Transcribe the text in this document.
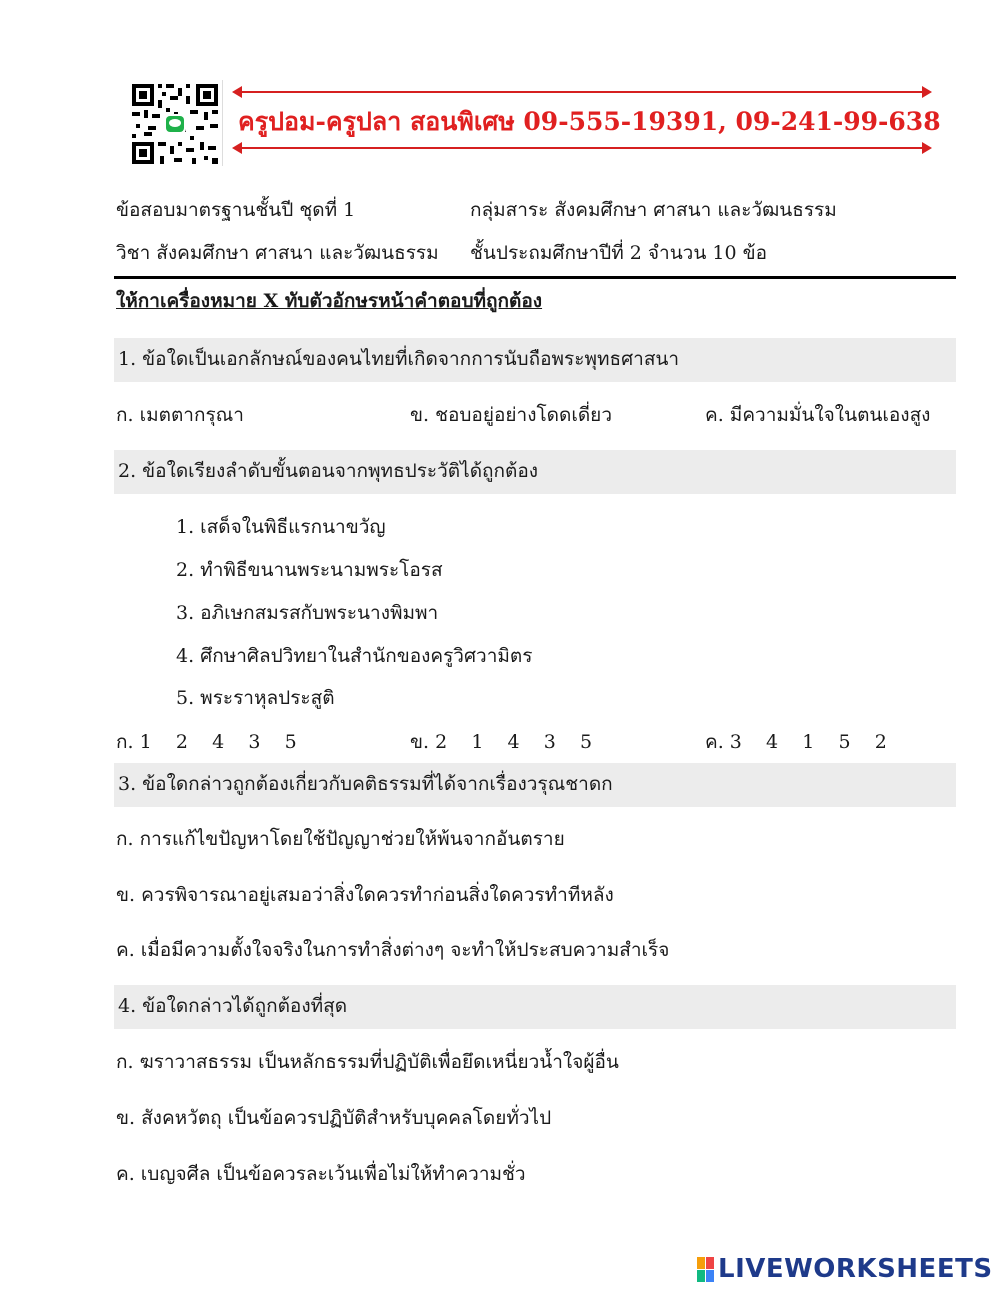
ครูปอม-ครูปลา สอนพิเศษ 09-555-19391, 09-241-99-638
ข้อสอบมาตรฐานชั้นปี ชุดที่ 1	กลุ่มสาระ สังคมศึกษา ศาสนา และวัฒนธรรม
วิชา สังคมศึกษา ศาสนา และวัฒนธรรม ชั้นประถมศึกษาปีที่ 2 จำนวน 10 ข้อ
ให้กาเครื่องหมาย X ทับตัวอักษรหน้าคำตอบที่ถูกต้อง
1. ข้อใดเป็นเอกลักษณ์ของคนไทยที่เกิดจากการนับถือพระพุทธศาสนา
ก. เมตตากรุณา	ข. ชอบอยู่อย่างโดดเดี่ยว	ค. มีความมั่นใจในตนเองสูง
2. ข้อใดเรียงลำดับขั้นตอนจากพุทธประวัติได้ถูกต้อง
1. เสด็จในพิธีแรกนาขวัญ
2. ทำพิธีขนานพระนามพระโอรส
3. อภิเษกสมรสกับพระนางพิมพา
4. ศึกษาศิลปวิทยาในสำนักของครูวิศวามิตร
5. พระราหุลประสูติ
ก. 1    2    4    3    5	ข. 2    1    4    3    5	ค. 3    4    1    5    2
3. ข้อใดกล่าวถูกต้องเกี่ยวกับคติธรรมที่ได้จากเรื่องวรุณชาดก
ก. การแก้ไขปัญหาโดยใช้ปัญญาช่วยให้พ้นจากอันตราย
ข. ควรพิจารณาอยู่เสมอว่าสิ่งใดควรทำก่อนสิ่งใดควรทำทีหลัง
ค. เมื่อมีความตั้งใจจริงในการทำสิ่งต่างๆ จะทำให้ประสบความสำเร็จ
4. ข้อใดกล่าวได้ถูกต้องที่สุด
ก. ฆราวาสธรรม เป็นหลักธรรมที่ปฏิบัติเพื่อยึดเหนี่ยวน้ำใจผู้อื่น
ข. สังคหวัตถุ เป็นข้อควรปฏิบัติสำหรับบุคคลโดยทั่วไป
ค. เบญจศีล เป็นข้อควรละเว้นเพื่อไม่ให้ทำความชั่ว
LIVEWORKSHEETS
